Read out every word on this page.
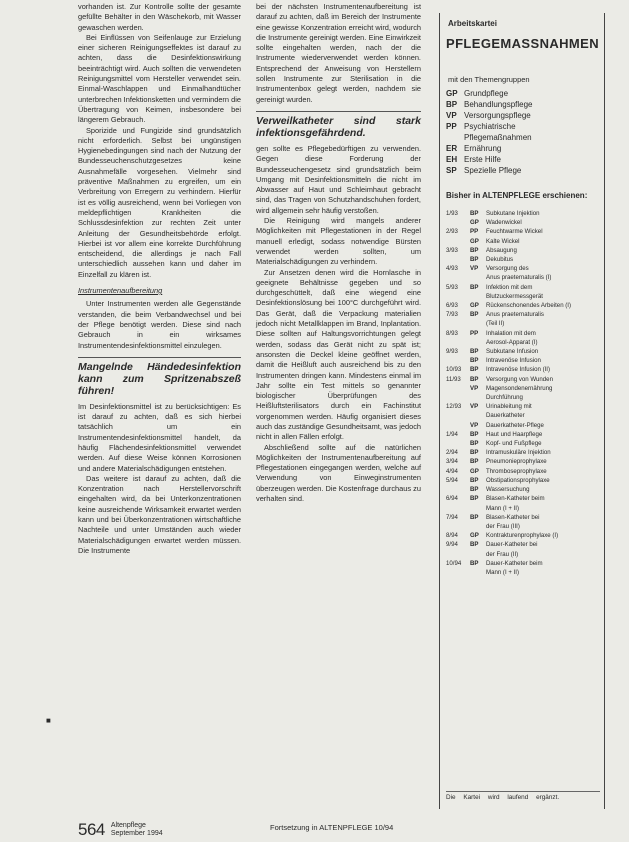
vorhanden ist. Zur Kontrolle sollte der gesamte gefüllte Behälter in den Wäschekorb, mit Wasser gewaschen werden.

Bei Einflüssen von Seifenlauge zur Erzielung einer sicheren Reinigungseffektes ist darauf zu achten, dass die Desinfektionswirkung beeinträchtigt wird. Auch sollten die verwendeten Reinigungsmittel vom Hersteller verwendet sein. Einmal-Waschlappen und Einmalhandtücher unterbrechen Infektionsketten und vermindern die Übertragung von Keimen, insbesondere bei längerem Gebrauch.

Sporizide und Fungizide sind grundsätzlich nicht erforderlich. Selbst bei ungünstigen Hygienebedingungen sind nach der Nutzung der Bundesseuchenschutzgesetzes keine Ausnahmefälle vorgesehen. Vielmehr sind präventive Maßnahmen zu ergreifen, um ein Verbreitung von Erregern zu verhindern. Hierfür ist es völlig ausreichend, wenn bei Vorliegen von meldepflichtigen Krankheiten die Schlussdesinfektion zur rechten Zeit unter Anleitung der Gesundheitsbehörde erfolgt. Hierbei ist vor allem eine korrekte Durchführung entscheidend, die allerdings je nach Fall unterschiedlich aussehen kann und daher im Einzelfall zu klären ist.

Instrumentenaufbereitung

Unter Instrumenten werden alle Gegenstände verstanden, die beim Verbandwechsel und bei der Pflege benötigt werden. Diese sind nach Gebrauch in ein wirksames Instrumentendesinfektionsmittel einzulegen.

Mangelnde Händedesinfektion kann zum Spritzenabszeß führen!

Im Desinfektionsmittel ist zu berücksichtigen: Es ist darauf zu achten, daß es sich hierbei tatsächlich um ein Instrumentendesinfektionsmittel handelt, da häufig Flächendesinfektionsmittel verwendet werden. Auf diese Weise können Korrosionen und andere Materialschädigungen entstehen.

Das weitere ist darauf zu achten, daß die Konzentration nach Herstellervorschrift eingehalten wird, da bei Unterkonzentrationen keine ausreichende Wirksamkeit erwartet werden kann und bei Überkonzentrationen wirtschaftliche Nachteile und unter Umständen auch wieder Materialschädigungen erwartet werden müssen. Die Instrumente

bei der nächsten Instrumentenaufbereitung ist darauf zu achten, daß im Bereich der Instrumente eine gewisse Konzentration erreicht wird, wodurch die Instrumente gereinigt werden. Eine Einwirkzeit sollte eingehalten werden, nach der die Instrumente wiederverwendet werden können. Entsprechend der Anweisung von Herstellern sollen Instrumente zur Sterilisation in die Instrumentenbox gelegt werden, nachdem sie gereinigt wurden.

Verweilkatheter sind stark infektionsgefährdend.

gen sollte es Pflegebedürftigen zu verwenden. Gegen diese Forderung der Bundesseuchengesetz sind grundsätzlich beim Umgang mit Desinfektionsmitteln die nicht im Abwasser auf Haut und Schleimhaut gebracht sind, das Tragen von Schutzhandschuhen fordert, wird allgemein sehr häufig verstoßen.

Die Reinigung wird mangels anderer Möglichkeiten mit Pflegestationen in der Regel manuell erledigt, sodass notwendige Bürsten verwendet werden sollten, um Materialschädigungen zu verhindern.

Zur Ansetzen denen wird die Hornlasche in geeignete Behältnisse gegeben und so durchgeschüttelt, daß eine wiegend eine Desinfektionslösung bei 100°C durchgeführt wird. Das Gerät, daß die Verpackung materialien jedoch nicht Metallklappen im Brand, Inplantation. Diese sollten auf Haltungsvorrichtungen gelegt werden, sodass das Gerät nicht zu spät ist; ansonsten die Deckel kleine geöffnet werden, damit die Heißluft auch ausreichend bis zu den Instrumenten dringen kann. Mindestens einmal im Jahr sollte ein Test mittels so genannter biologischer Überprüfungen des Heißluftsterilisators durch ein Fachinstitut vorgenommen werden. Häufig organisiert dieses auch das zuständige Gesundheitsamt, was jedoch nicht in allen Fällen erfolgt.

Abschließend sollte auf die natürlichen Möglichkeiten der Instrumentenaufbereitung auf Pflegestationen eingegangen werden, welche auf Verwendung von Einweginstrumenten überzeugen werden. Die Kostenfrage durchaus zu verhalten sind.

Arbeitskartei
PFLEGEMASSNAHMEN
mit den Themengruppen
GP Grundpflege
BP Behandlungspflege
VP Versorgungspflege
PP Psychiatrische
Pflegemaßnahmen
ER Ernährung
EH Erste Hilfe
SP Spezielle Pflege
Bisher in ALTENPFLEGE erschienen:
1/93	BP	Subkutane Injektion
GP	Wadenwickel
2/93	PP	Feuchtwarme Wickel
GP	Kalte Wickel
3/93	BP	Absaugung
BP	Dekubitus
4/93	VP	Versorgung des
Anus praeternaturalis (I)
5/93	BP	Infektion mit dem
Blutzuckermessgerät
6/93	GP	Rückenschonendes Arbeiten (I)
7/93	BP	Anus praeternaturalis
(Teil II)
8/93	PP	Inhalation mit dem
Aerosol-Apparat (I)
9/93	BP	Subkutane Infusion
BP	Intravenöse Infusion
10/93	BP	Intravenöse Infusion (II)
11/93	BP	Versorgung von Wunden
VP	Magensondenernährung
Durchführung
12/93	VP	Urinableitung mit
Dauerkatheter
VP	Dauerkatheter-Pflege
1/94	BP	Haut und Haarpflege
BP	Kopf- und Fußpflege
2/94	BP	Intramuskuläre Injektion
3/94	BP	Pneumonieprophylaxe
4/94	GP	Thromboseprophylaxe
5/94	BP	Obstipationsprophylaxe
BP	Wassersuchung
6/94	BP	Blasen-Katheter beim
Mann (I + II)
7/94	BP	Blasen-Katheter bei
der Frau (III)
8/94	GP	Kontrakturenprophylaxe (I)
9/94	BP	Dauer-Katheter bei
der Frau (II)
10/94	BP	Dauer-Katheter beim
Mann (I + II)
Die Kartei wird laufend ergänzt.
■
564 Altenpflege
September 1994
Fortsetzung in ALTENPFLEGE 10/94
